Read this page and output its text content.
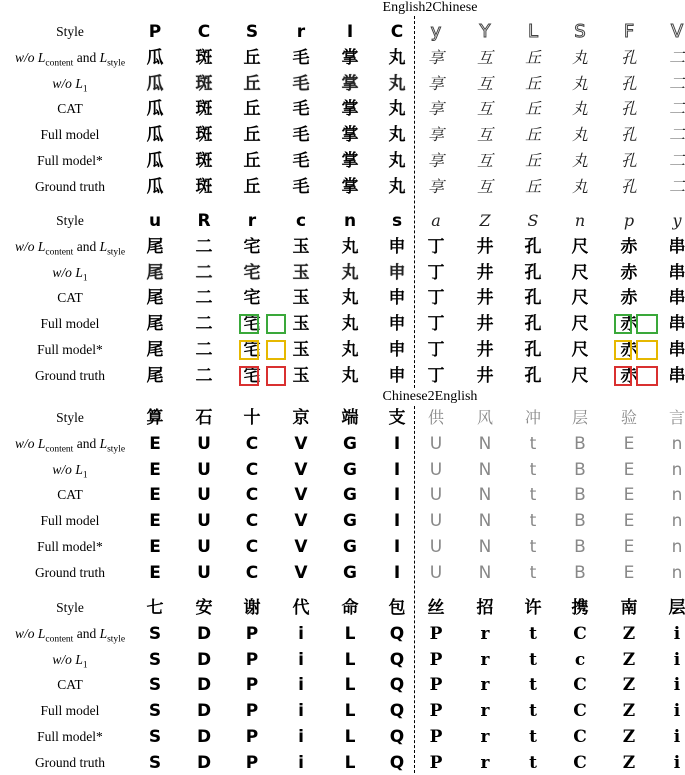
English2Chinese
Chinese2English
Style	P	C	S	r	I	C	y	Y	L	S	F	V
w/o $L_{content}$ and $L_{style}$	瓜	斑	丘	毛	掌	丸	享	互	丘	丸	孔	二
w/o $L_1$	瓜	斑	丘	毛	掌	丸	享	互	丘	丸	孔	二
CAT	瓜	斑	丘	毛	掌	丸	享	互	丘	丸	孔	二
Full model	瓜	斑	丘	毛	掌	丸	享	互	丘	丸	孔	二
Full model*	瓜	斑	丘	毛	掌	丸	享	互	丘	丸	孔	二
Ground truth	瓜	斑	丘	毛	掌	丸	享	互	丘	丸	孔	二
Style	u	R	r	c	n	s	a	Z	S	n	p	y
w/o $L_{content}$ and $L_{style}$	尾	二	宅	玉	丸	申	丁	井	孔	尺	赤	串
w/o $L_1$	尾	二	宅	玉	丸	申	丁	井	孔	尺	赤	串
CAT	尾	二	宅	玉	丸	申	丁	井	孔	尺	赤	串
Full model	尾	二	宅	玉	丸	申	丁	井	孔	尺	赤	串
Full model*	尾	二	宅	玉	丸	申	丁	井	孔	尺	赤	串
Ground truth	尾	二	宅	玉	丸	申	丁	井	孔	尺	赤	串
Style	算	石	十	京	端	支	供	风	冲	层	验	言
w/o $L_{content}$ and $L_{style}$	E	U	C	V	G	I	U	N	t	B	E	n
w/o $L_1$	E	U	C	V	G	I	U	N	t	B	E	n
CAT	E	U	C	V	G	I	U	N	t	B	E	n
Full model	E	U	C	V	G	I	U	N	t	B	E	n
Full model*	E	U	C	V	G	I	U	N	t	B	E	n
Ground truth	E	U	C	V	G	I	U	N	t	B	E	n
Style	七	安	谢	代	命	包	丝	招	许	携	南	层
w/o $L_{content}$ and $L_{style}$	S	D	P	i	L	Q	P	r	t	C	Z	i
w/o $L_1$	S	D	P	i	L	Q	P	r	t	c	Z	i
CAT	S	D	P	i	L	Q	P	r	t	C	Z	i
Full model	S	D	P	i	L	Q	P	r	t	C	Z	i
Full model*	S	D	P	i	L	Q	P	r	t	C	Z	i
Ground truth	S	D	P	i	L	Q	P	r	t	C	Z	i
